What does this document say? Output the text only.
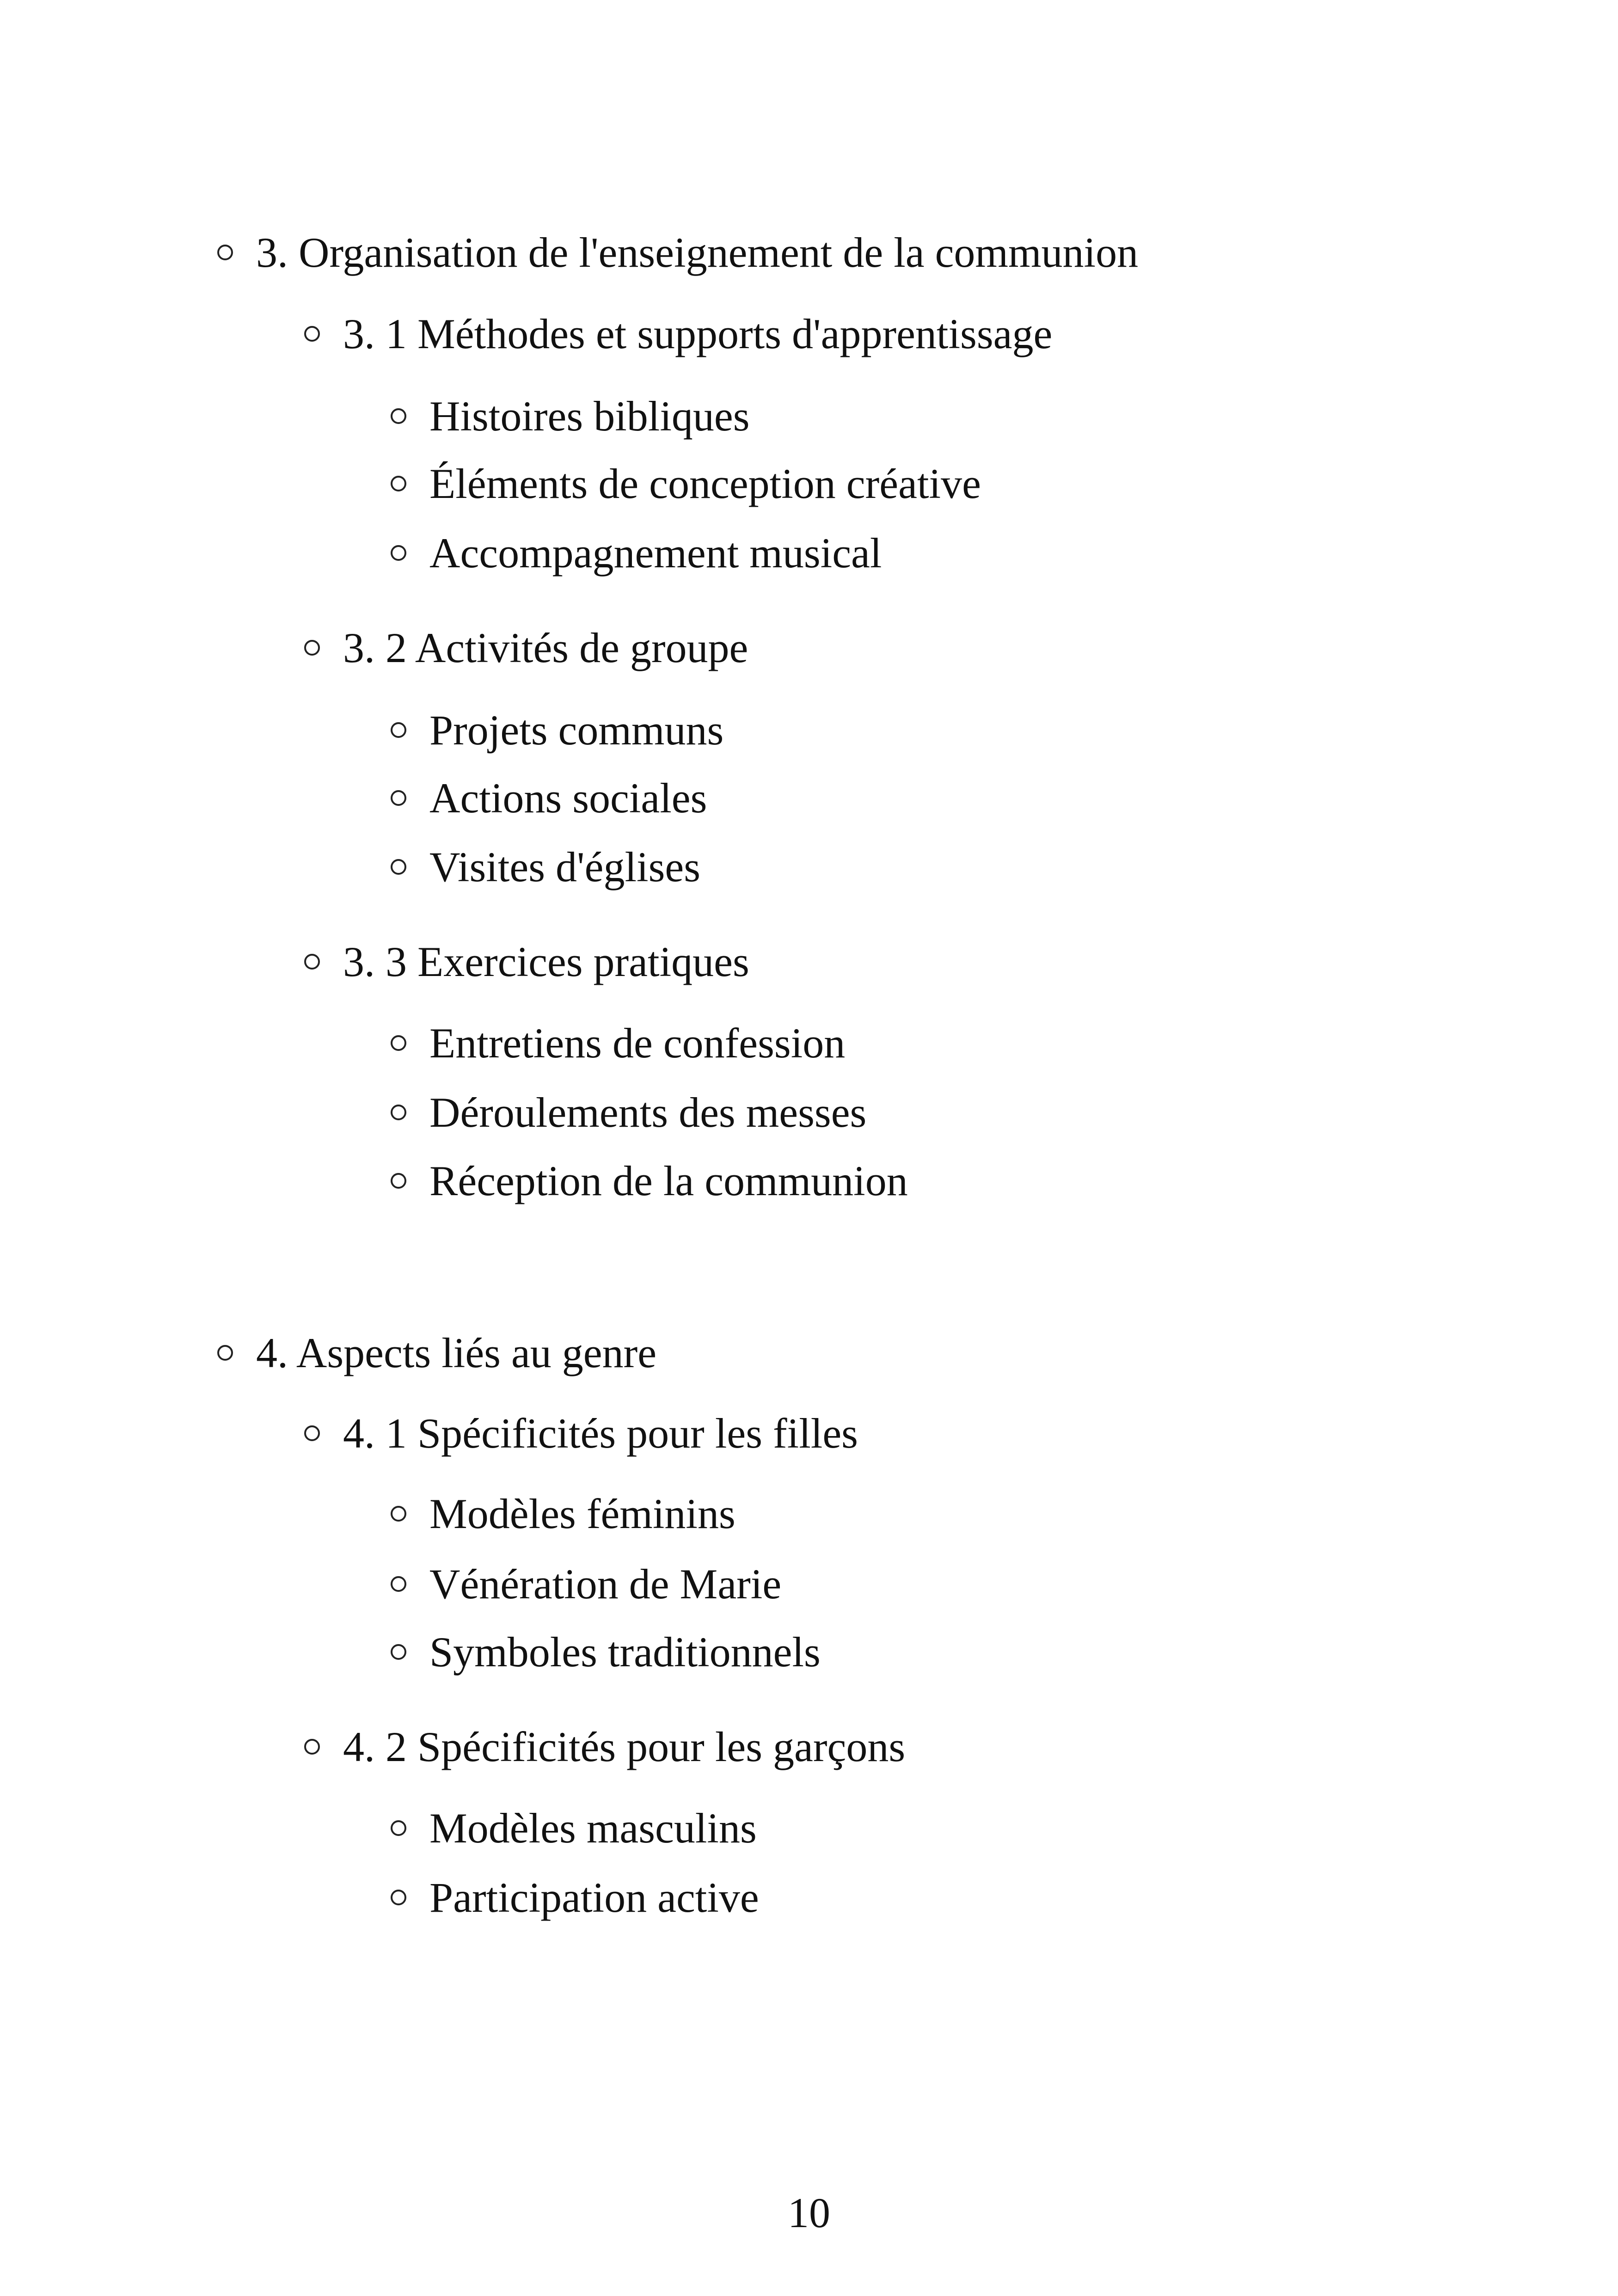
3. Organisation de l'enseignement de la communion
3. 1 Méthodes et supports d'apprentissage
Histoires bibliques
Éléments de conception créative
Accompagnement musical
3. 2 Activités de groupe
Projets communs
Actions sociales
Visites d'églises
3. 3 Exercices pratiques
Entretiens de confession
Déroulements des messes
Réception de la communion
4. Aspects liés au genre
4. 1 Spécificités pour les filles
Modèles féminins
Vénération de Marie
Symboles traditionnels
4. 2 Spécificités pour les garçons
Modèles masculins
Participation active
10
